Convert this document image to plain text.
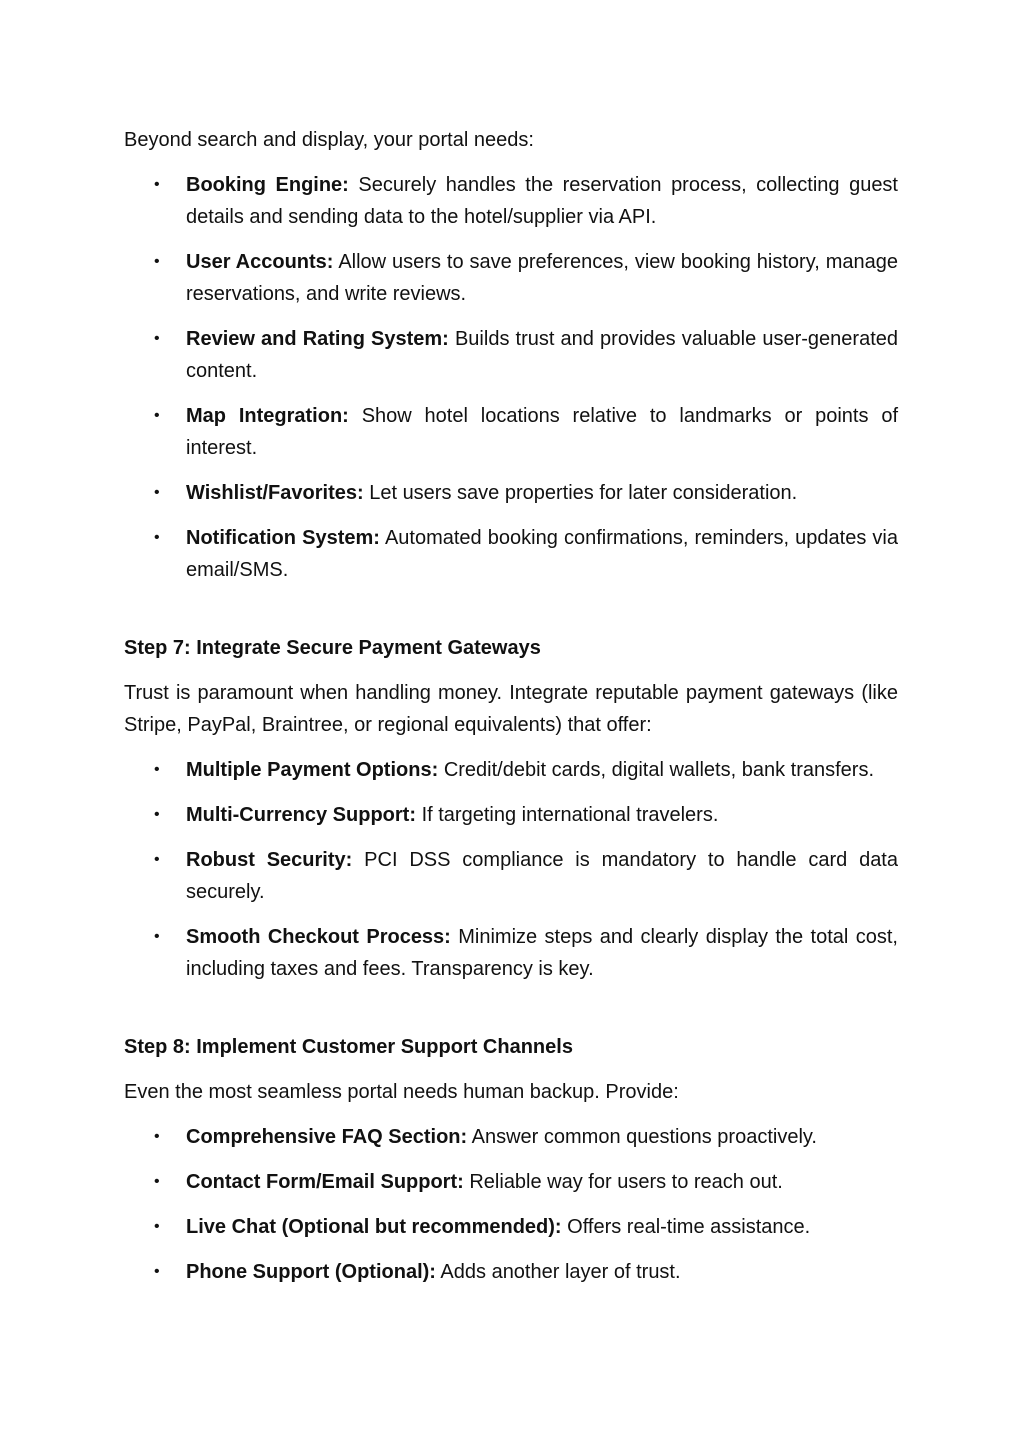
Beyond search and display, your portal needs:

• Booking Engine: Securely handles the reservation process, collecting guest details and sending data to the hotel/supplier via API.
• User Accounts: Allow users to save preferences, view booking history, manage reservations, and write reviews.
• Review and Rating System: Builds trust and provides valuable user-generated content.
• Map Integration: Show hotel locations relative to landmarks or points of interest.
• Wishlist/Favorites: Let users save properties for later consideration.
• Notification System: Automated booking confirmations, reminders, updates via email/SMS.
Step 7: Integrate Secure Payment Gateways

Trust is paramount when handling money. Integrate reputable payment gateways (like Stripe, PayPal, Braintree, or regional equivalents) that offer:

• Multiple Payment Options: Credit/debit cards, digital wallets, bank transfers.
• Multi-Currency Support: If targeting international travelers.
• Robust Security: PCI DSS compliance is mandatory to handle card data securely.
• Smooth Checkout Process: Minimize steps and clearly display the total cost, including taxes and fees. Transparency is key.
Step 8: Implement Customer Support Channels

Even the most seamless portal needs human backup. Provide:

• Comprehensive FAQ Section: Answer common questions proactively.
• Contact Form/Email Support: Reliable way for users to reach out.
• Live Chat (Optional but recommended): Offers real-time assistance.
• Phone Support (Optional): Adds another layer of trust.
